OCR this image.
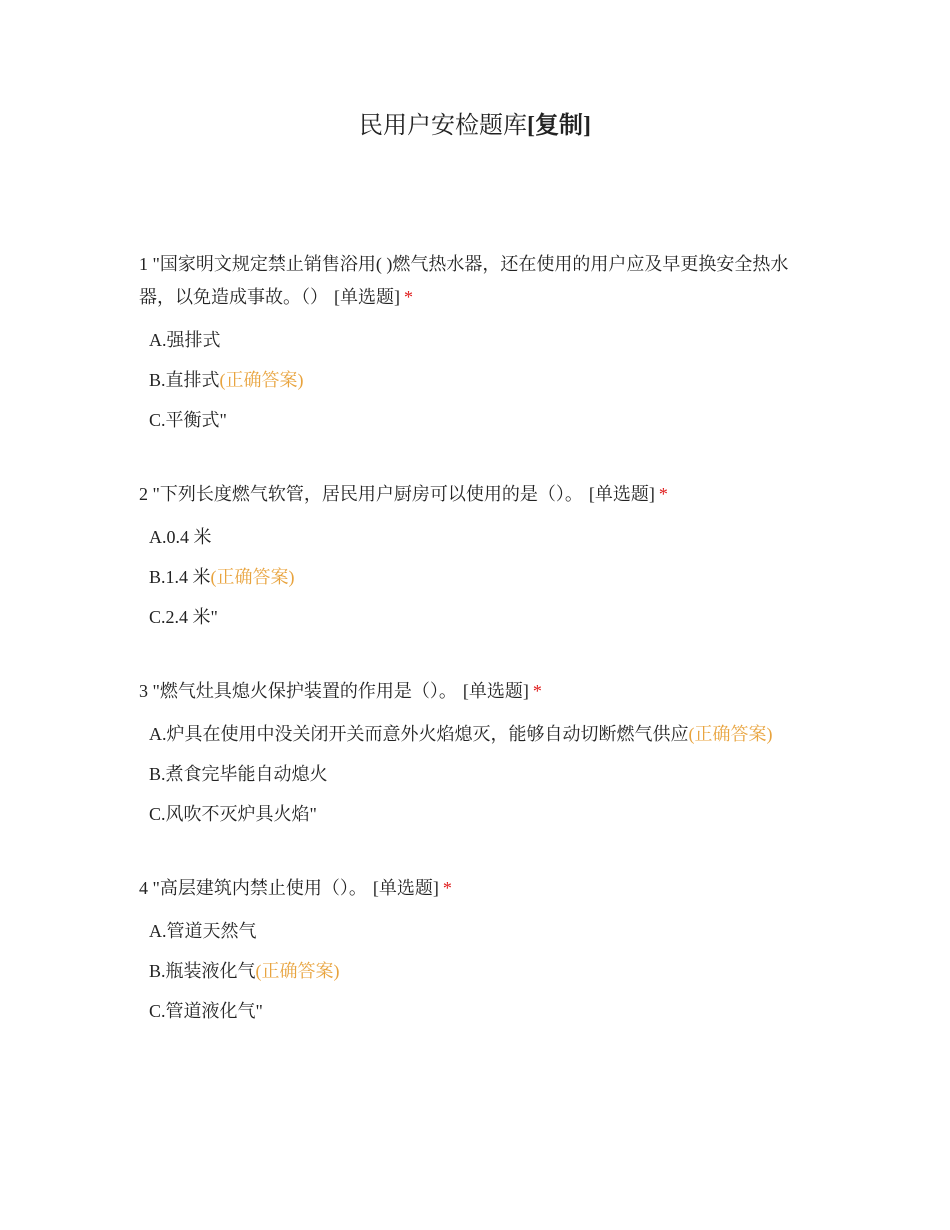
民用户安检题库[复制]

1 "国家明文规定禁止销售浴用( )燃气热水器，还在使用的用户应及早更换安全热水器，以免造成事故。（） [单选题] *

A.强排式
B.直排式(正确答案)
C.平衡式"

2 "下列长度燃气软管，居民用户厨房可以使用的是（）。 [单选题] *

A.0.4 米
B.1.4 米(正确答案)
C.2.4 米"

3 "燃气灶具熄火保护装置的作用是（）。 [单选题] *

A.炉具在使用中没关闭开关而意外火焰熄灭，能够自动切断燃气供应(正确答案)
B.煮食完毕能自动熄火
C.风吹不灭炉具火焰"

4 "高层建筑内禁止使用（）。 [单选题] *

A.管道天然气
B.瓶装液化气(正确答案)
C.管道液化气"
